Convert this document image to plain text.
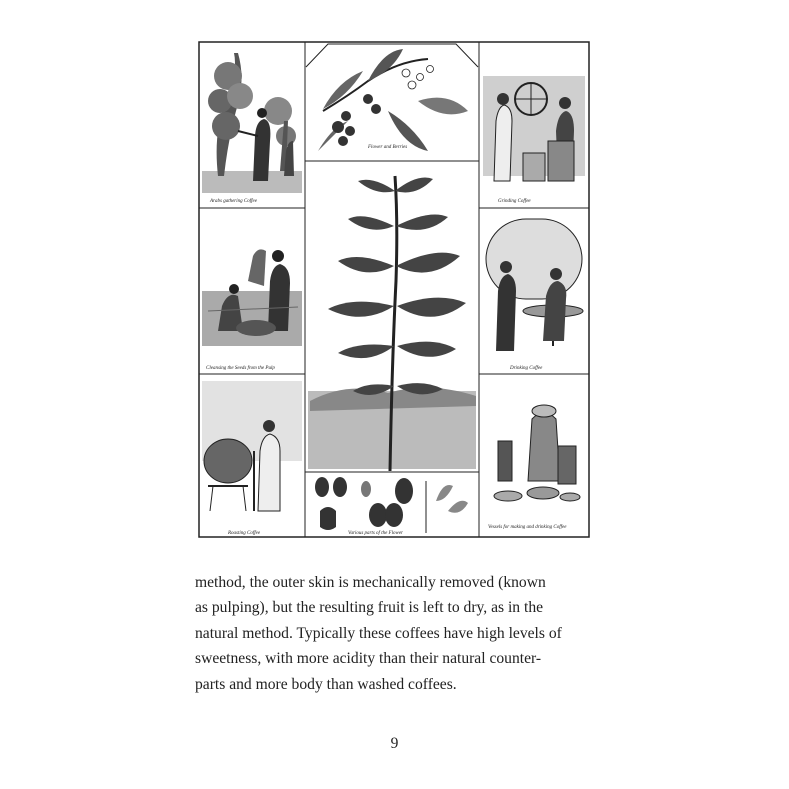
Arabs gathering Coffee
Flower and Berries
Grinding Coffee
Cleansing the Seeds from the Pulp	Drinking Coffee
Roasting Coffee	Various parts of the Flower
Vessels for making and drinking Coffee
method, the outer skin is mechanically removed (known
as pulping), but the resulting fruit is left to dry, as in the
natural method. Typically these coffees have high levels of
sweetness, with more acidity than their natural counter-
parts and more body than washed coffees.
9
